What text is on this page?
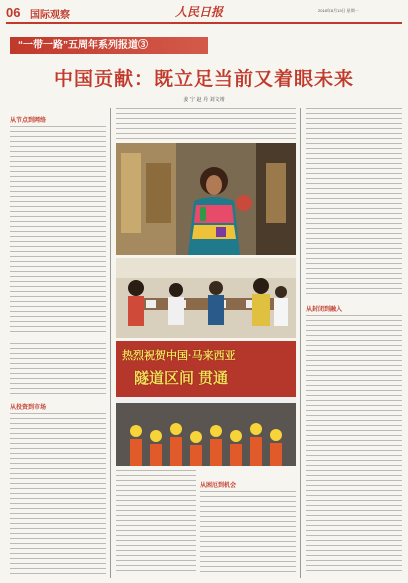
06 国际观察	人民日报	2018年8月13日 星期一
“一带一路”五周年系列报道③
中国贡献：既立足当前又着眼未来
姜 宁 赵 丹 刘文靖
从节点到网络
从投资到市场
热烈祝贺中国·马来西亚
隧道区间 贯通
从困厄到机会
从封闭到融入
